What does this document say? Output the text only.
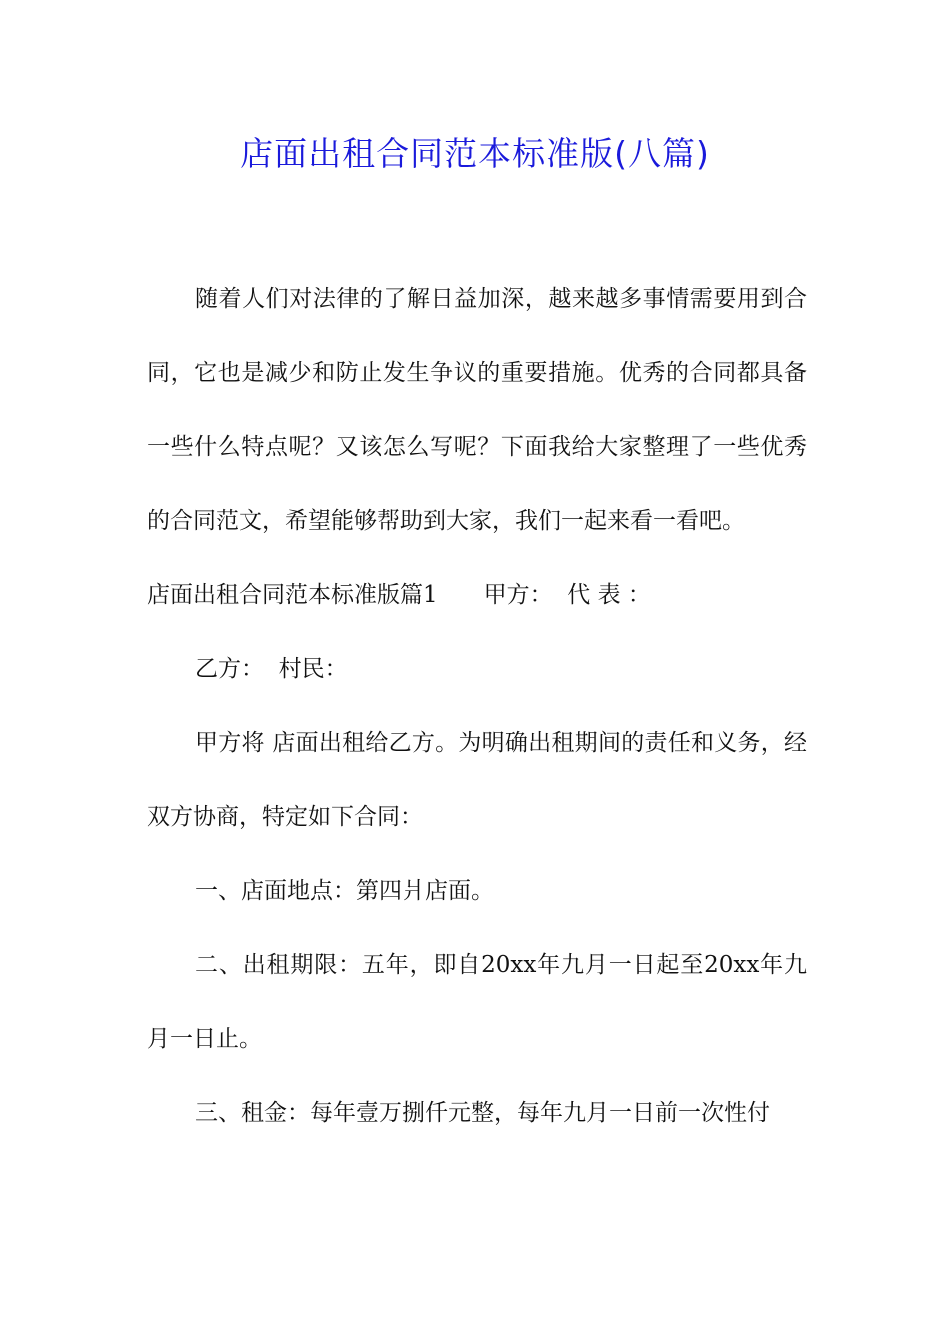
店面出租合同范本标准版(八篇)

随着人们对法律的了解日益加深，越来越多事情需要用到合同，它也是减少和防止发生争议的重要措施。优秀的合同都具备一些什么特点呢？又该怎么写呢？下面我给大家整理了一些优秀的合同范文，希望能够帮助到大家，我们一起来看一看吧。

店面出租合同范本标准版篇1 甲方：  代 表 ：

乙方：  村民：

甲方将 店面出租给乙方。为明确出租期间的责任和义务，经双方协商，特定如下合同：

一、店面地点：第四爿店面。

二、出租期限：五年，即自20xx年九月一日起至20xx年九月一日止。

三、租金：每年壹万捌仟元整，每年九月一日前一次性付
